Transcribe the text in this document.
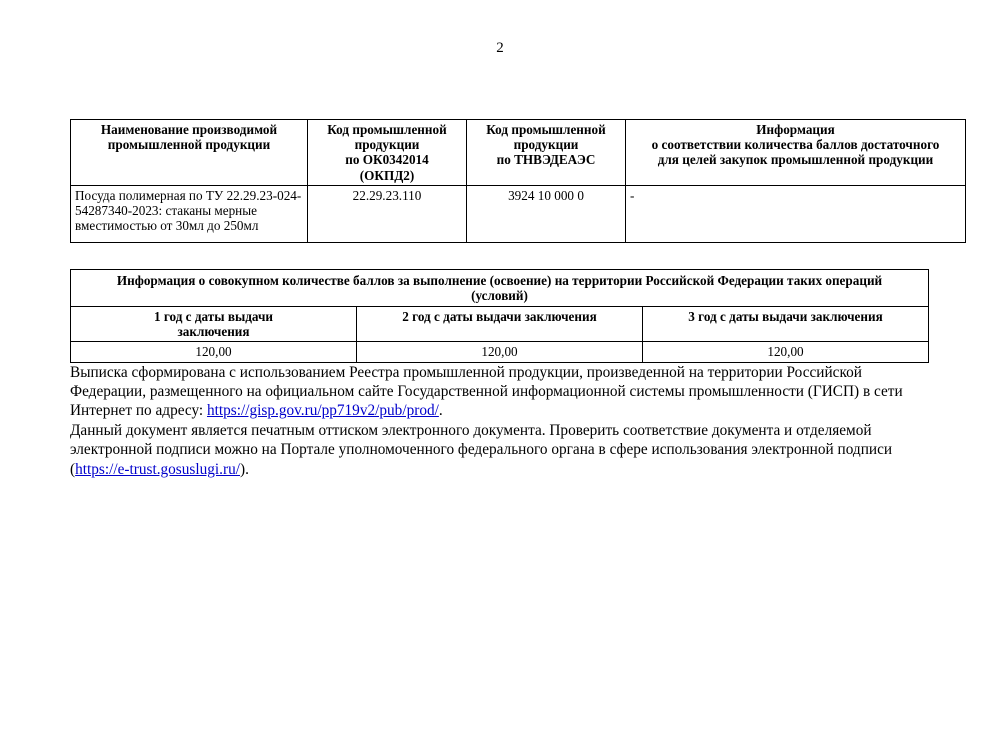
2
Наименование производимой
промышленной продукции	Код промышленной
продукции
по ОК0342014
(ОКПД2)	Код промышленной
продукции
по ТНВЭДЕАЭС	Информация
о соответствии количества баллов достаточного
для целей закупок промышленной продукции
Посуда полимерная по ТУ 22.29.23-024-54287340-2023: стаканы мерные вместимостью от 30мл до 250мл	22.29.23.110	3924 10 000 0	-
Информация о совокупном количестве баллов за выполнение (освоение) на территории Российской Федерации таких операций
(условий)		
1 год с даты выдачи
заключения	2 год с даты выдачи заключения	3 год с даты выдачи заключения
120,00	120,00	120,00

Выписка сформирована с использованием Реестра промышленной продукции, произведенной на территории Российской Федерации, размещенного на официальном сайте Государственной информационной системы промышленности (ГИСП) в сети Интернет по адресу: https://gisp.gov.ru/pp719v2/pub/prod/.

Данный документ является печатным оттиском электронного документа. Проверить соответствие документа и отделяемой электронной подписи можно на Портале уполномоченного федерального органа в сфере использования электронной подписи (https://e-trust.gosuslugi.ru/).
